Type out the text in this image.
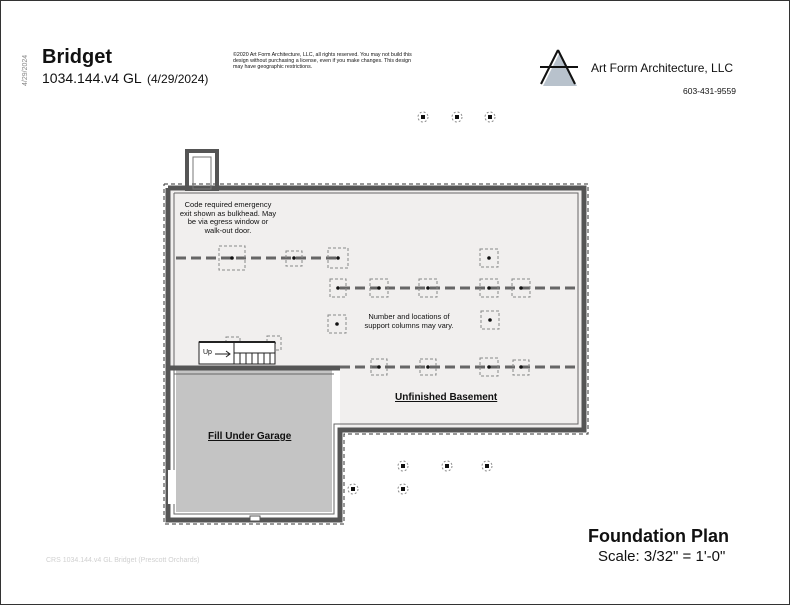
4/29/2024 Bridget
1034.144.v4 GL (4/29/2024)
©2020 Art Form Architecture, LLC, all rights reserved. You may not build this design without purchasing a license, even if you make changes. This design may have geographic restrictions.	Art Form Architecture, LLC
603-431-9559
Code required emergency exit shown as bulkhead. May be via egress window or walk-out door.
Number and locations of support columns may vary.
Up
Unfinished Basement
Fill Under Garage
Foundation Plan
Scale: 3/32" = 1'-0"
CRS 1034.144.v4 GL Bridget (Prescott Orchards)
